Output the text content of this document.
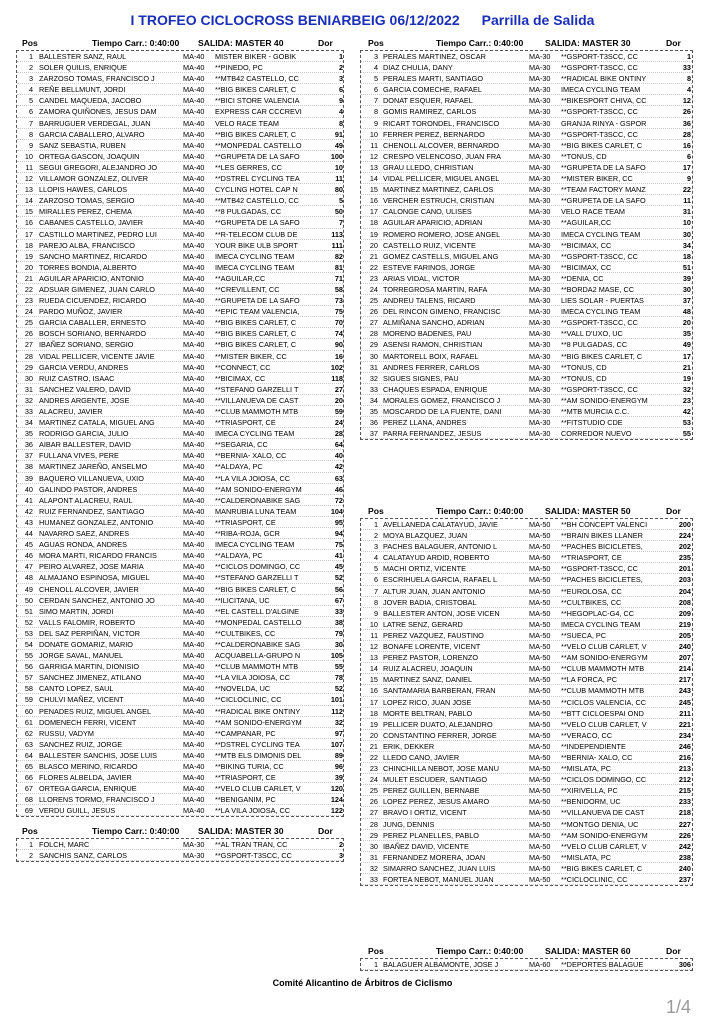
I TROFEO CICLOCROSS BENIARBEIG 06/12/2022 Parrilla de Salida
Pos	Tiempo Carr.: 0:40:00 SALIDA: MASTER 40	Dor
1 BALLESTER SANZ, RAUL	MA-40	MISTER BIKER - GOBIK	1
2 SOLER QUILIS, ENRIQUE	MA-40	**PINEDO, PC	2
3 ZARZOSO TOMAS, FRANCISCO J	MA-40	**MTB42 CASTELLO, CC	3
4 REÑE BELLMUNT, JORDI	MA-40	**BIG BIKES CARLET, C	6
5 CANDEL MAQUEDA, JACOBO	MA-40	**BICI STORE VALENCIA	9
6 ZAMORA QUIÑONES, JESUS DAM	MA-40	EXPRESS CAR CCCREVI	4
7 BARRUGUER VERDEGAL, JUAN	MA-40	VELO RACE TEAM	8
8 GARCIA CABALLERO, ALVARO	MA-40	**BIG BIKES CARLET, C	91
9 SANZ SEBASTIA, RUBEN	MA-40	**MONPEDAL CASTELLO	49
10 ORTEGA GASCON, JOAQUIN	MA-40	**GRUPETA DE LA SAFO	100
11 SEGUI GREGORI, ALEJANDRO JO	MA-40	**LES GERRES, CC	10
12 VILLAMOR GONZALEZ, OLIVER	MA-40	**DSTREL CYCLING TEA	11
13 LLOPIS HAWES, CARLOS	MA-40	CYCLING HOTEL CAP N	80
14 ZARZOSO TOMAS, SERGIO	MA-40	**MTB42 CASTELLO, CC	5
15 MIRALLES PEREZ, CHEMA	MA-40	**8 PULGADAS, CC	50
16 CABANES CASTELLO, JAVIER	MA-40	**GRUPETA DE LA SAFO	7
17 CASTILLO MARTINEZ, PEDRO LUI	MA-40	**R-TELECOM CLUB DE	113
18 PAREJO ALBA, FRANCISCO	MA-40	YOUR BIKE ULB SPORT	111
19 SANCHO MARTINEZ, RICARDO	MA-40	IMECA CYCLING TEAM	82
20 TORRES BONDIA, ALBERTO	MA-40	IMECA CYCLING TEAM	81
21 AGUILAR APARICIO, ANTONIO	MA-40	**AGUILAR,CC	71
22 ADSUAR GIMENEZ, JUAN CARLO	MA-40	**CREVILLENT, CC	58
23 RUEDA CICUENDEZ, RICARDO	MA-40	**GRUPETA DE LA SAFO	73
24 PARDO MUÑOZ, JAVIER	MA-40	**EPIC TEAM VALENCIA,	75
25 GARCIA CABALLER, ERNESTO	MA-40	**BIG BIKES CARLET, C	70
26 BOSCH SORIANO, BERNARDO	MA-40	**BIG BIKES CARLET, C	74
27 IBAÑEZ SORIANO, SERGIO	MA-40	**BIG BIKES CARLET, C	90
28 VIDAL PELLICER, VICENTE JAVIE	MA-40	**MISTER BIKER, CC	16
29 GARCIA VERDU, ANDRES	MA-40	**CONNECT, CC	102
30 RUIZ CASTRO, ISAAC	MA-40	**BICIMAX, CC	118
31 SANCHEZ VALERO, DAVID	MA-40	**STEFANO GARZELLI T	27
32 ANDRES ARGENTE, JOSE	MA-40	**VILLANUEVA DE CAST	20
33 ALACREU, JAVIER	MA-40	**CLUB MAMMOTH MTB	59
34 MARTINEZ CATALA, MIGUEL ANG	MA-40	**TRIASPORT, CE	24
35 RODRIGO GARCIA, JULIO	MA-40	IMECA CYCLING TEAM	28
36 AIBAR BALLESTER, DAVID	MA-40	**SEGARIA, CC	64
37 FULLANA VIVES, PERE	MA-40	**BERNIA- XALO, CC	40
38 MARTINEZ JAREÑO, ANSELMO	MA-40	**ALDAYA, PC	42
39 BAQUERO VILLANUEVA, UXIO	MA-40	**LA VILA JOIOSA, CC	63
40 GALINDO PASTOR, ANDRES	MA-40	**AM SONIDO-ENERGYM	46
41 ALAPONT ALACREU, RAUL	MA-40	**CALDERONABIKE SAG	72
42 RUIZ FERNANDEZ, SANTIAGO	MA-40	MANRUBIA LUNA TEAM	104
43 HUMANEZ GONZALEZ, ANTONIO	MA-40	**TRIASPORT, CE	95
44 NAVARRO SAEZ, ANDRES	MA-40	**RIBA-ROJA, GCR	94
45 AGUAS RONDA, ANDRES	MA-40	IMECA CYCLING TEAM	75
46 MORA MARTI, RICARDO FRANCIS	MA-40	**ALDAYA, PC	41
47 PEIRO ALVAREZ, JOSE MARIA	MA-40	**CICLOS DOMINGO, CC	45
48 ALMAJANO ESPINOSA, MIGUEL	MA-40	**STEFANO GARZELLI T	52
49 CHENOLL ALCOVER, JAVIER	MA-40	**BIG BIKES CARLET, C	56
50 CERDAN SANCHEZ, ANTONIO JO	MA-40	**ILICITANA, UC	67
51 SIMO MARTIN, JORDI	MA-40	**EL CASTELL D'ALGINE	33
52 VALLS FALOMIR, ROBERTO	MA-40	**MONPEDAL CASTELLO	38
53 DEL SAZ PERPIÑAN, VICTOR	MA-40	**CULTBIKES, CC	79
54 DONATE GOMARIZ, MARIO	MA-40	**CALDERONABIKE SAG	30
55 JORGE SAVAL, MANUEL	MA-40	ACQUABELLA-GRUPO N	105
56 GARRIGA MARTIN, DIONISIO	MA-40	**CLUB MAMMOTH MTB	55
57 SANCHEZ JIMENEZ, ATILANO	MA-40	**LA VILA JOIOSA, CC	78
58 CANTO LOPEZ, SAUL	MA-40	**NOVELDA, UC	52
59 CHULVI MAÑEZ, VICENT	MA-40	**CICLOCLINIC, CC	101
60 PENADES RUIZ, MIGUEL ANGEL	MA-40	**RADICAL BIKE ONTINY	112
61 DOMENECH FERRI, VICENT	MA-40	**AM SONIDO-ENERGYM	32
62 RUSSU, VADYM	MA-40	**CAMPANAR, PC	97
63 SANCHEZ RUIZ, JORGE	MA-40	**DSTREL CYCLING TEA	107
64 BALLESTER SANCHIS, JOSE LUIS	MA-40	**MTB ELS DIMONIS DEL	89
65 BLASCO MERINO, RICARDO	MA-40	**BIKING TURIA, CC	96
66 FLORES ALBELDA, JAVIER	MA-40	**TRIASPORT, CE	39
67 ORTEGA GARCIA, ENRIQUE	MA-40	**VELO CLUB CARLET, V	120
68 LLORENS TORMO, FRANCISCO J	MA-40	**BENIGANIM, PC	124
69 VERDU GUILL, JESUS	MA-40	**LA VILA JOIOSA, CC	122
Pos	Tiempo Carr.: 0:40:00 SALIDA: MASTER 30	Dor
1 FOLCH, MARC	MA-30	**AL TRAN TRAN, CC	2
2 SANCHIS SANZ, CARLOS	MA-30	**GSPORT-T3SCC, CC	3
Pos	Tiempo Carr.: 0:40:00	SALIDA: MASTER 30	Dor
3 PERALES MARTINEZ, OSCAR	MA-30	**GSPORT-T3SCC, CC	1
4 DIAZ CHULIA, DANY	MA-30	**GSPORT-T3SCC, CC	33
5 PERALES MARTI, SANTIAGO	MA-30	**RADICAL BIKE ONTINY	8
6 GARCIA COMECHE, RAFAEL	MA-30	IMECA CYCLING TEAM	4
7 DONAT ESQUER, RAFAEL	MA-30	**BIKESPORT CHIVA, CC	12
8 GOMIS RAMIREZ, CARLOS	MA-30	**GSPORT-T3SCC, CC	26
9 RICART TORONDEL, FRANCISCO	MA-30	GRANJA RINYA - GSPOR	36
10 FERRER PEREZ, BERNARDO	MA-30	**GSPORT-T3SCC, CC	28
11 CHENOLL ALCOVER, BERNARDO	MA-30	**BIG BIKES CARLET, C	16
12 CRESPO VELENCOSO, JUAN FRA	MA-30	**TONUS, CD	6
13 GRAU LLEDO, CHRISTIAN	MA-30	**GRUPETA DE LA SAFO	17
14 VIDAL PELLICER, MIGUEL ANGEL	MA-30	**MISTER BIKER, CC	9
15 MARTINEZ MARTINEZ, CARLOS	MA-30	**TEAM FACTORY MANZ	22
16 VERCHER ESTRUCH, CRISTIAN	MA-30	**GRUPETA DE LA SAFO	11
17 CALONGE CANO, ULISES	MA-30	VELO RACE TEAM	31
18 AGUILAR APARICIO, ADRIAN	MA-30	**AGUILAR,CC	10
19 ROMERO ROMERO, JOSE ANGEL	MA-30	IMECA CYCLING TEAM	30
20 CASTELLO RUIZ, VICENTE	MA-30	**BICIMAX, CC	34
21 GOMEZ CASTELLS, MIGUEL ANG	MA-30	**GSPORT-T3SCC, CC	18
22 ESTEVE FARINOS, JORGE	MA-30	**BICIMAX, CC	51
23 ARIAS VIDAL, VICTOR	MA-30	**DENIA, CC	39
24 TORREGROSA MARTIN, RAFA	MA-30	**BORDA2 MASE, CC	30
25 ANDREU TALENS, RICARD	MA-30	LIES SOLAR - PUERTAS	37
26 DEL RINCON GIMENO, FRANCISC	MA-30	IMECA CYCLING TEAM	48
27 ALMIÑANA SANCHO, ADRIAN	MA-30	**GSPORT-T3SCC, CC	20
28 MORENO BADENES, PAU	MA-30	**VALL D'UXO, UC	35
29 ASENSI RAMON, CHRISTIAN	MA-30	**8 PULGADAS, CC	49
30 MARTORELL BOIX, RAFAEL	MA-30	**BIG BIKES CARLET, C	17
31 ANDRES FERRER, CARLOS	MA-30	**TONUS, CD	21
32 SIGUES SIGNES, PAU	MA-30	**TONUS, CD	19
33 CHAQUES ESPADA, ENRIQUE	MA-30	**GSPORT-T3SCC, CC	32
34 MORALES GOMEZ, FRANCISCO J	MA-30	**AM SONIDO-ENERGYM	23
35 MOSCARDO DE LA FUENTE, DANI	MA-30	**MTB MURCIA C.C.	42
36 PEREZ LLANA, ANDRES	MA-30	**FITSTUDIO CDE	53
37 PARRA FERNANDEZ, JESUS	MA-30	CORREDOR NUEVO	55
Pos	Tiempo Carr.: 0:40:00	SALIDA: MASTER 50	Dor
1 AVELLANEDA CALATAYUD, JAVIE	MA-50	**BH CONCEPT VALENCI	200
2 MOYA BLAZQUEZ, JUAN	MA-50	**BRAIN BIKES LLANER	224
3 PACHES BALAGUER, ANTONIO L	MA-50	**PACHES BICICLETES,	202
4 CALATAYUD ARDID, ROBERTO	MA-50	**TRIASPORT, CE	235
5 MACHI ORTIZ, VICENTE	MA-50	**GSPORT-T3SCC, CC	201
6 ESCRIHUELA GARCIA, RAFAEL L	MA-50	**PACHES BICICLETES,	203
7 ALTUR JUAN, JUAN ANTONIO	MA-50	**EUROLOSA, CC	204
8 JOVER BADIA, CRISTOBAL	MA-50	**CULTBIKES, CC	208
9 BALLESTER ANTON, JOSE VICEN	MA-50	**HEGOPLAC-G4, CC	209
10 LATRE SENZ, GERARD	MA-50	IMECA CYCLING TEAM	219
11 PEREZ VAZQUEZ, FAUSTINO	MA-50	**SUECA, PC	205
12 BONAFE LORENTE, VICENT	MA-50	**VELO CLUB CARLET, V	240
13 PEREZ PASTOR, LORENZO	MA-50	**AM SONIDO-ENERGYM	207
14 RUIZ ALACREU, JOAQUIN	MA-50	**CLUB MAMMOTH MTB	214
15 MARTINEZ SANZ, DANIEL	MA-50	**LA FORCA, PC	217
16 SANTAMARIA BARBERAN, FRAN	MA-50	**CLUB MAMMOTH MTB	243
17 LOPEZ RICO, JUAN JOSE	MA-50	**CICLOS VALENCIA, CC	245
18 MORTE BELTRAN, PABLO	MA-50	**BTT CICLOESPAI OND	211
19 PELLICER DUATO, ALEJANDRO	MA-50	**VELO CLUB CARLET, V	221
20 CONSTANTINO FERRER, JORGE	MA-50	**VERACO, CC	234
21 ERIK, DEKKER	MA-50	**INDEPENDIENTE	246
22 LLEDO CANO, JAVIER	MA-50	**BERNIA- XALO, CC	216
23 CHINCHILLA NEBOT, JOSE MANU	MA-50	**MISLATA, PC	213
24 MULET ESCUDER, SANTIAGO	MA-50	**CICLOS DOMINGO, CC	212
25 PEREZ GUILLEN, BERNABE	MA-50	**XIRIVELLA, PC	215
26 LOPEZ PEREZ, JESUS AMARO	MA-50	**BENIDORM, UC	233
27 BRAVO I ORTIZ, VICENT	MA-50	**VILLANUEVA DE CAST	218
28 JUNG, DENNIS	MA-50	**MONTGO DENIA, UC	227
29 PEREZ PLANELLES, PABLO	MA-50	**AM SONIDO-ENERGYM	226
30 IBAÑEZ DAVID, VICENTE	MA-50	**VELO CLUB CARLET, V	242
31 FERNANDEZ MORERA, JOAN	MA-50	**MISLATA, PC	238
32 SIMARRO SANCHEZ, JUAN LUIS	MA-50	**BIG BIKES CARLET, C	240
33 FORTEA NEBOT, MANUEL JUAN	MA-50	**CICLOCLINIC, CC	237
Pos	Tiempo Carr.: 0:40:00	SALIDA: MASTER 60	Dor
1 BALAGUER ALBAMONTE, JOSE J	MA-60	**DEPORTES BALAGUE	306
Comité Alicantino de Árbitros de Ciclismo
1/4
